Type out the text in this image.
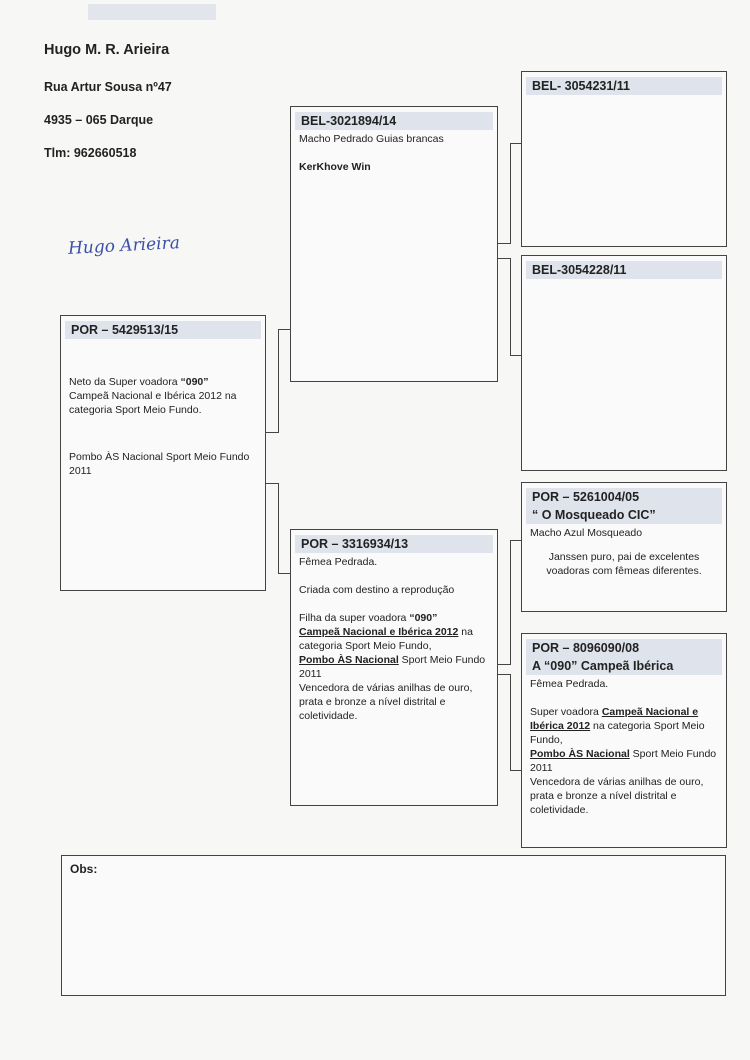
Hugo M. R. Arieira
Rua Artur Sousa nº47
4935 – 065 Darque
Tlm: 962660518
Hugo Arieira
POR – 5429513/15

Neto da Super voadora “090”
Campeã Nacional e Ibérica 2012 na categoria Sport Meio Fundo.

Pombo ÀS Nacional Sport Meio Fundo 2011

BEL-3021894/14

Macho Pedrado Guias brancas

KerKhove Win

POR – 3316934/13

Fêmea Pedrada.

Criada com destino a reprodução

Filha da super voadora “090”
Campeã Nacional e Ibérica 2012 na categoria Sport Meio Fundo,
Pombo ÀS Nacional Sport Meio Fundo 2011
Vencedora de várias anilhas de ouro, prata e bronze a nível distrital e coletividade.

BEL- 3054231/11
BEL-3054228/11
POR – 5261004/05
“ O Mosqueado CIC”

Macho Azul Mosqueado

Janssen puro, pai de excelentes voadoras com fêmeas diferentes.

POR – 8096090/08
A “090” Campeã Ibérica

Fêmea Pedrada.

Super voadora Campeã Nacional e Ibérica 2012 na categoria Sport Meio Fundo,
Pombo ÀS Nacional Sport Meio Fundo 2011
Vencedora de várias anilhas de ouro, prata e bronze a nível distrital e coletividade.

Obs:
